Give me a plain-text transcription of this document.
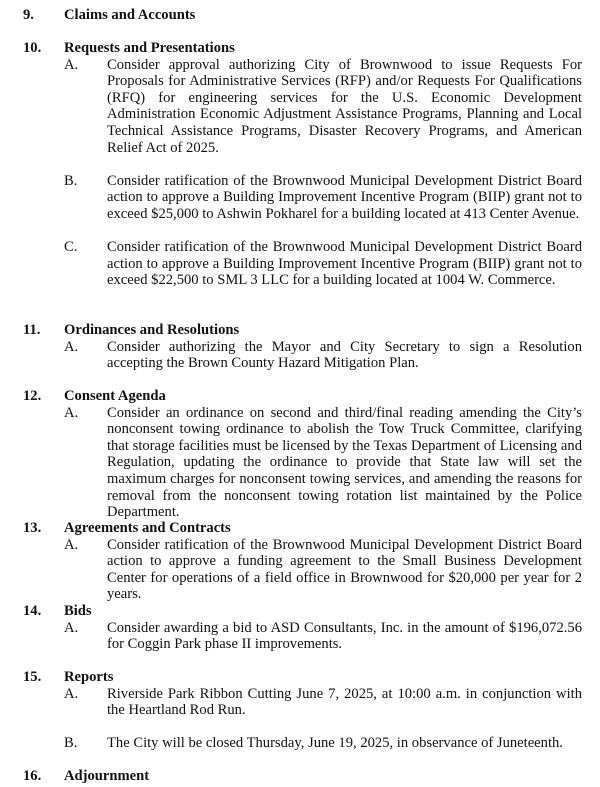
9. Claims and Accounts
10. Requests and Presentations
A. Consider approval authorizing City of Brownwood to issue Requests For Proposals for Administrative Services (RFP) and/or Requests For Qualifications (RFQ) for engineering services for the U.S. Economic Development Administration Economic Adjustment Assistance Programs, Planning and Local Technical Assistance Programs, Disaster Recovery Programs, and American Relief Act of 2025.
B. Consider ratification of the Brownwood Municipal Development District Board action to approve a Building Improvement Incentive Program (BIIP) grant not to exceed $25,000 to Ashwin Pokharel for a building located at 413 Center Avenue.
C. Consider ratification of the Brownwood Municipal Development District Board action to approve a Building Improvement Incentive Program (BIIP) grant not to exceed $22,500 to SML 3 LLC for a building located at 1004 W. Commerce.
11. Ordinances and Resolutions
A. Consider authorizing the Mayor and City Secretary to sign a Resolution accepting the Brown County Hazard Mitigation Plan.
12. Consent Agenda
A. Consider an ordinance on second and third/final reading amending the City’s nonconsent towing ordinance to abolish the Tow Truck Committee, clarifying that storage facilities must be licensed by the Texas Department of Licensing and Regulation, updating the ordinance to provide that State law will set the maximum charges for nonconsent towing services, and amending the reasons for removal from the nonconsent towing rotation list maintained by the Police Department.
13. Agreements and Contracts
A. Consider ratification of the Brownwood Municipal Development District Board action to approve a funding agreement to the Small Business Development Center for operations of a field office in Brownwood for $20,000 per year for 2 years.
14. Bids
A. Consider awarding a bid to ASD Consultants, Inc. in the amount of $196,072.56 for Coggin Park phase II improvements.
15. Reports
A. Riverside Park Ribbon Cutting June 7, 2025, at 10:00 a.m. in conjunction with the Heartland Rod Run.
B. The City will be closed Thursday, June 19, 2025, in observance of Juneteenth.
16. Adjournment
